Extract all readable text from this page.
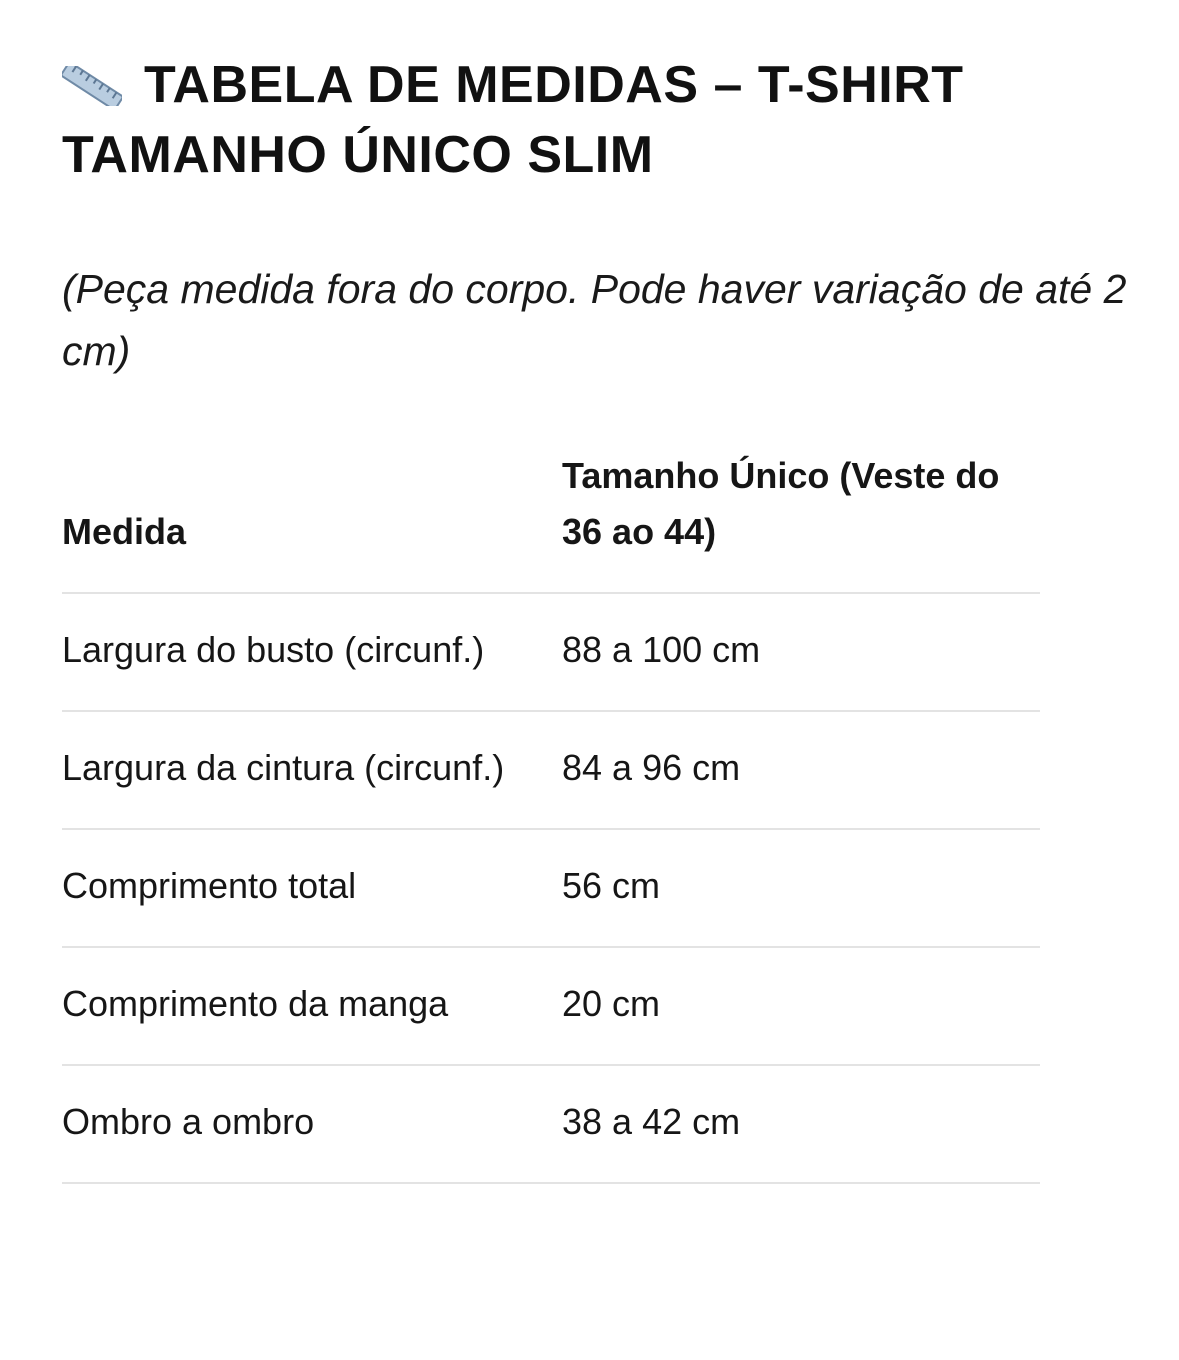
TABELA DE MEDIDAS – T-SHIRT TAMANHO ÚNICO SLIM

(Peça medida fora do corpo. Pode haver variação de até 2 cm)

Medida	Tamanho Único (Veste do 36 ao 44)
Largura do busto (circunf.)	88 a 100 cm
Largura da cintura (circunf.)	84 a 96 cm
Comprimento total	56 cm
Comprimento da manga	20 cm
Ombro a ombro	38 a 42 cm
